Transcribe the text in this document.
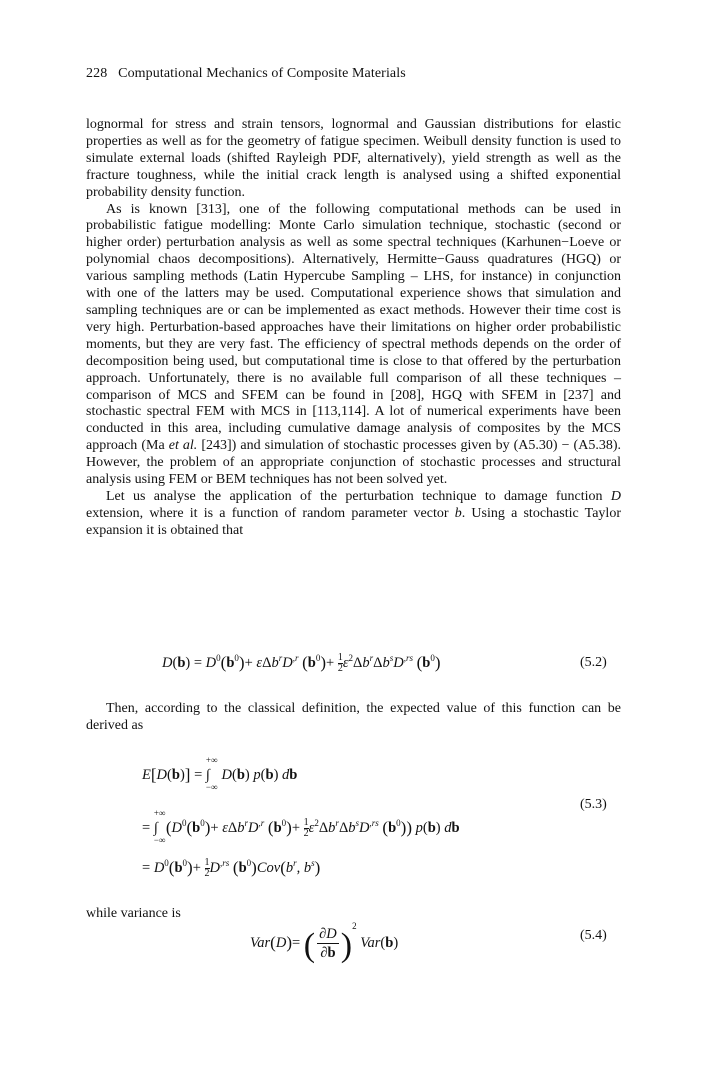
228 Computational Mechanics of Composite Materials

lognormal for stress and strain tensors, lognormal and Gaussian distributions for elastic properties as well as for the geometry of fatigue specimen. Weibull density function is used to simulate external loads (shifted Rayleigh PDF, alternatively), yield strength as well as the fracture toughness, while the initial crack length is analysed using a shifted exponential probability density function.

As is known [313], one of the following computational methods can be used in probabilistic fatigue modelling: Monte Carlo simulation technique, stochastic (second or higher order) perturbation analysis as well as some spectral techniques (Karhunen−Loeve or polynomial chaos decompositions). Alternatively, Hermitte−Gauss quadratures (HGQ) or various sampling methods (Latin Hypercube Sampling – LHS, for instance) in conjunction with one of the latters may be used. Computational experience shows that simulation and sampling techniques are or can be implemented as exact methods. However their time cost is very high. Perturbation-based approaches have their limitations on higher order probabilistic moments, but they are very fast. The efficiency of spectral methods depends on the order of decomposition being used, but computational time is close to that offered by the perturbation approach. Unfortunately, there is no available full comparison of all these techniques – comparison of MCS and SFEM can be found in [208], HGQ with SFEM in [237] and stochastic spectral FEM with MCS in [113,114]. A lot of numerical experiments have been conducted in this area, including cumulative damage analysis of composites by the MCS approach (Ma et al. [243]) and simulation of stochastic processes given by (A5.30) − (A5.38). However, the problem of an appropriate conjunction of stochastic processes and structural analysis using FEM or BEM techniques has not been solved yet.

Let us analyse the application of the perturbation technique to damage function D extension, where it is a function of random parameter vector b. Using a stochastic Taylor expansion it is obtained that

$D(b) = D^0(b^0)+ \varepsilon\Delta b^rD^{,r}$ $(b^0)+ \frac{1}{2} \varepsilon^2\Delta b^r\Delta b^sD^{,rs}$ $(b^0)$	(5.2)

Then, according to the classical definition, the expected value of this function can be derived as

E[D(b)] =
+∞
∫
−∞
D(b) p(b) db
(5.3)
=
+∞
∫
−∞
($D^0(b^0)+ \varepsilon\Delta b^rD^{,r}$ $(b^0)+ \frac{1}{2} \varepsilon^2\Delta b^r\Delta b^sD^{,rs}$ $(b^0)$) p(b) db
= $D^0(b^0)+ \frac{1}{2} D^{,rs}$ $(b^0)Cov(b^r$, $b^s$)

while variance is

Var(D)= ( $\frac{\partial D}{\partial b} )^2$ Var(b)	(5.4)
